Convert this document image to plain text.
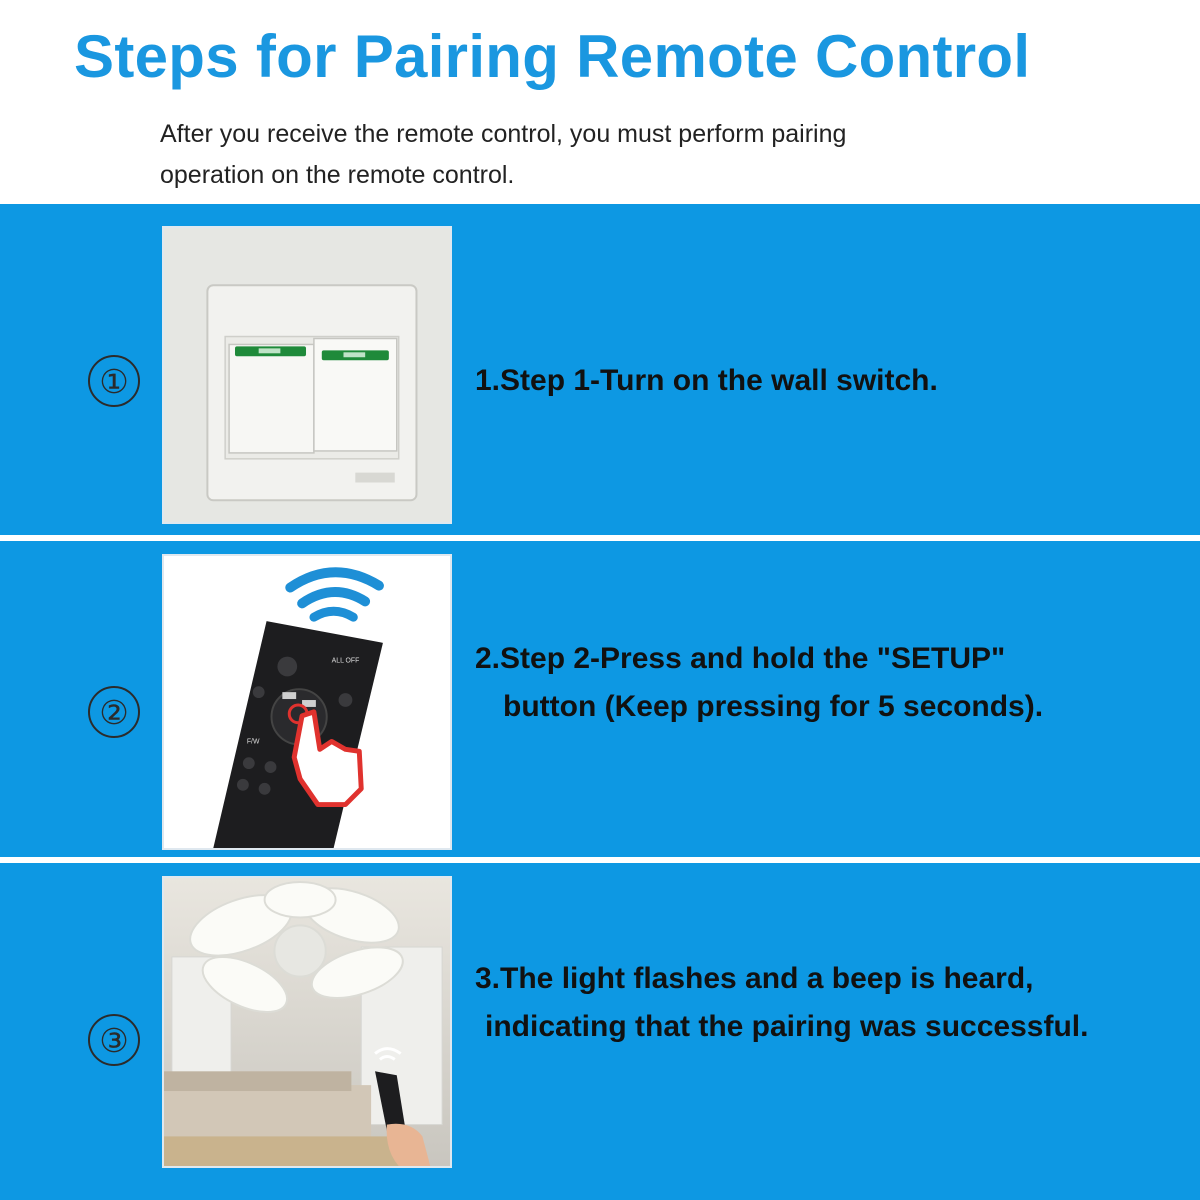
Steps for Pairing Remote Control

After you receive the remote control, you must perform pairing
operation on the remote control.

①	1.Step 1-Turn on the wall switch.
②
ALL OFF
F/W
2.Step 2-Press and hold the "SETUP"
button (Keep pressing for 5 seconds).
③
3.The light flashes and a beep is heard,
indicating that the pairing was successful.
